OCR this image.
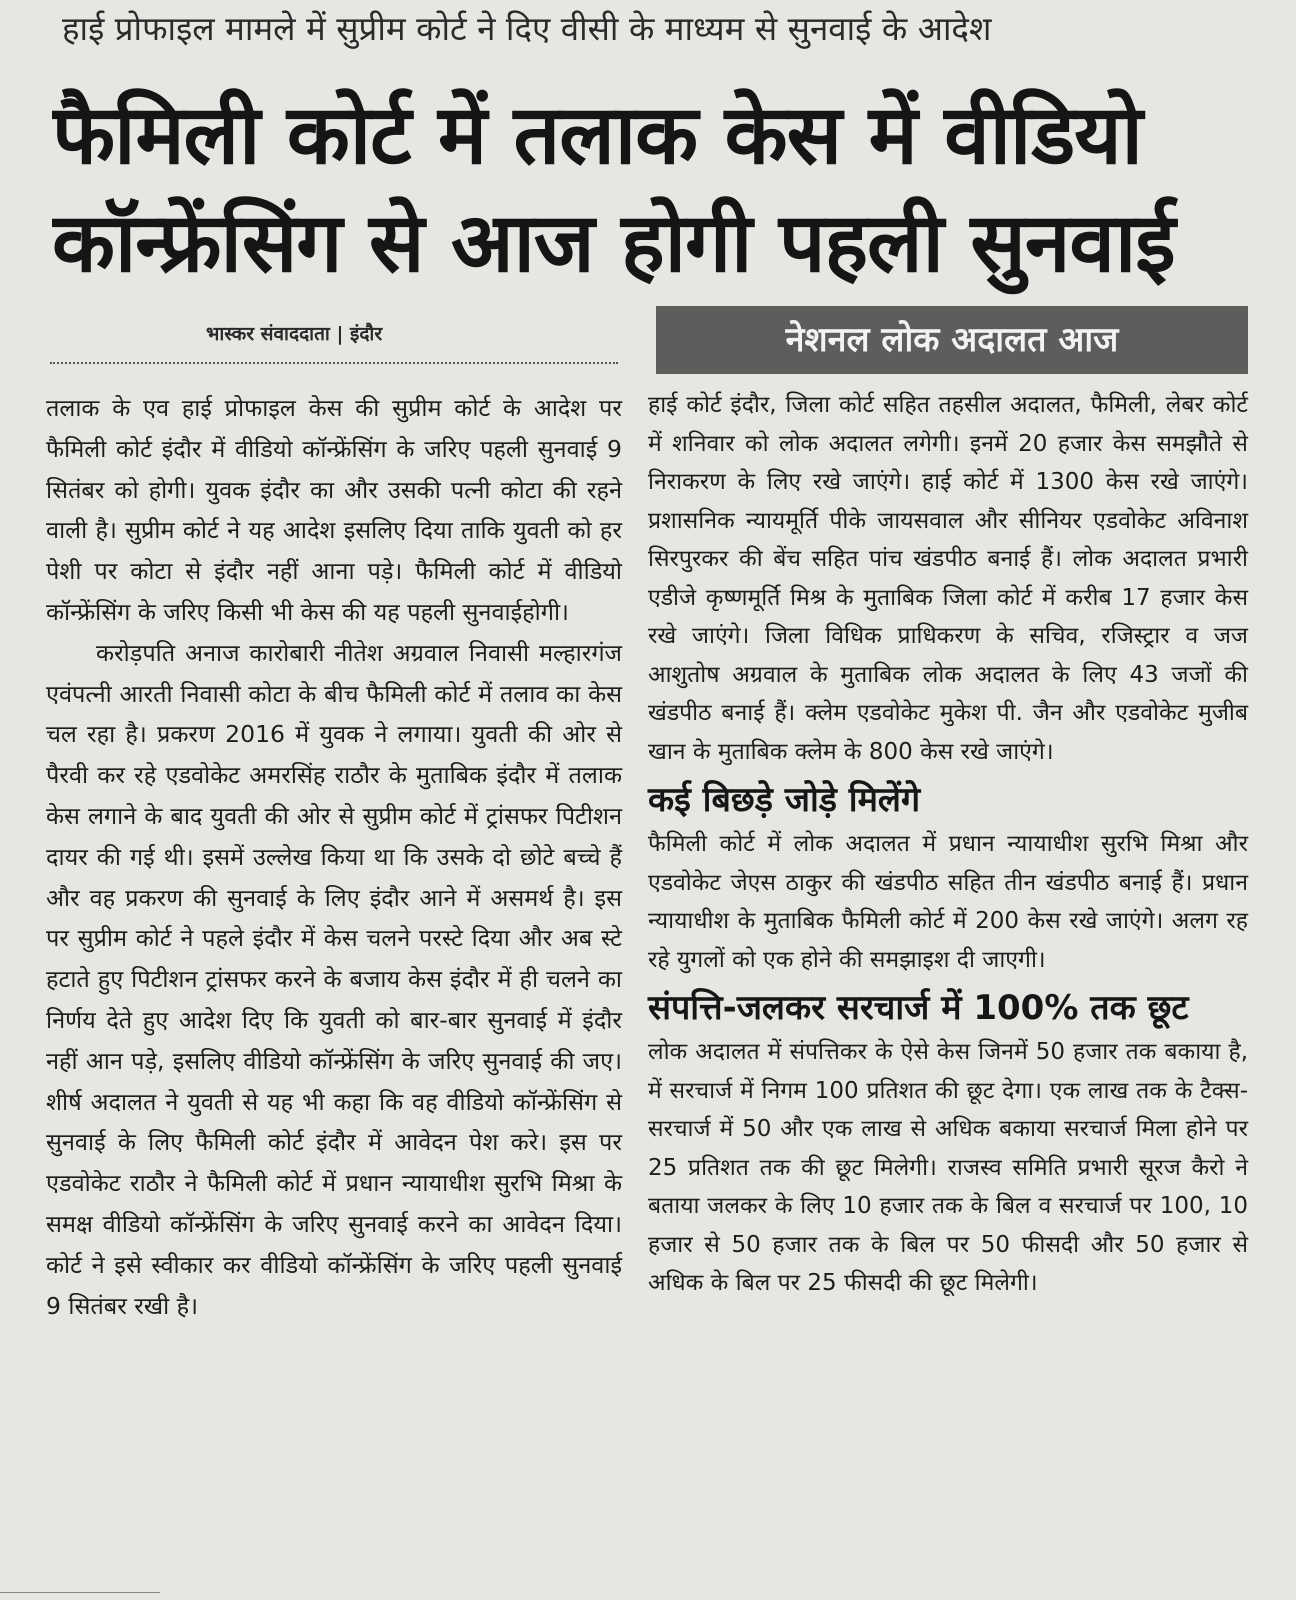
हाई प्रोफाइल मामले में सुप्रीम कोर्ट ने दिए वीसी के माध्यम से सुनवाई के आदेश
फैमिली कोर्ट में तलाक केस में वीडियो
कॉन्फ्रेंसिंग से आज होगी पहली सुनवाई
भास्कर संवाददाता | इंदौर

तलाक के एव हाई प्रोफाइल केस की सुप्रीम कोर्ट के आदेश पर फैमिली कोर्ट इंदौर में वीडियो कॉन्फ्रेंसिंग के जरिए पहली सुनवाई 9 सितंबर को होगी। युवक इंदौर का और उसकी पत्नी कोटा की रहने वाली है। सुप्रीम कोर्ट ने यह आदेश इसलिए दिया ताकि युवती को हर पेशी पर कोटा से इंदौर नहीं आना पड़े। फैमिली कोर्ट में वीडियो कॉन्फ्रेंसिंग के जरिए किसी भी केस की यह पहली सुनवाईहोगी।

करोड़पति अनाज कारोबारी नीतेश अग्रवाल निवासी मल्हारगंज एवंपत्नी आरती निवासी कोटा के बीच फैमिली कोर्ट में तलाव का केस चल रहा है। प्रकरण 2016 में युवक ने लगाया। युवती की ओर से पैरवी कर रहे एडवोकेट अमरसिंह राठौर के मुताबिक इंदौर में तलाक केस लगाने के बाद युवती की ओर से सुप्रीम कोर्ट में ट्रांसफर पिटीशन दायर की गई थी। इसमें उल्लेख किया था कि उसके दो छोटे बच्चे हैं और वह प्रकरण की सुनवाई के लिए इंदौर आने में असमर्थ है। इस पर सुप्रीम कोर्ट ने पहले इंदौर में केस चलने परस्टे दिया और अब स्टे हटाते हुए पिटीशन ट्रांसफर करने के बजाय केस इंदौर में ही चलने का निर्णय देते हुए आदेश दिए कि युवती को बार-बार सुनवाई में इंदौर नहीं आन पड़े, इसलिए वीडियो कॉन्फ्रेंसिंग के जरिए सुनवाई की जए। शीर्ष अदालत ने युवती से यह भी कहा कि वह वीडियो कॉन्फ्रेंसिंग से सुनवाई के लिए फैमिली कोर्ट इंदौर में आवेदन पेश करे। इस पर एडवोकेट राठौर ने फैमिली कोर्ट में प्रधान न्यायाधीश सुरभि मिश्रा के समक्ष वीडियो कॉन्फ्रेंसिंग के जरिए सुनवाई करने का आवेदन दिया। कोर्ट ने इसे स्वीकार कर वीडियो कॉन्फ्रेंसिंग के जरिए पहली सुनवाई 9 सितंबर रखी है।

नेशनल लोक अदालत आज

हाई कोर्ट इंदौर, जिला कोर्ट सहित तहसील अदालत, फैमिली, लेबर कोर्ट में शनिवार को लोक अदालत लगेगी। इनमें 20 हजार केस समझौते से निराकरण के लिए रखे जाएंगे। हाई कोर्ट में 1300 केस रखे जाएंगे। प्रशासनिक न्यायमूर्ति पीके जायसवाल और सीनियर एडवोकेट अविनाश सिरपुरकर की बेंच सहित पांच खंडपीठ बनाई हैं। लोक अदालत प्रभारी एडीजे कृष्णमूर्ति मिश्र के मुताबिक जिला कोर्ट में करीब 17 हजार केस रखे जाएंगे। जिला विधिक प्राधिकरण के सचिव, रजिस्ट्रार व जज आशुतोष अग्रवाल के मुताबिक लोक अदालत के लिए 43 जजों की खंडपीठ बनाई हैं। क्लेम एडवोकेट मुकेश पी. जैन और एडवोकेट मुजीब खान के मुताबिक क्लेम के 800 केस रखे जाएंगे।

कई बिछड़े जोड़े मिलेंगे

फैमिली कोर्ट में लोक अदालत में प्रधान न्यायाधीश सुरभि मिश्रा और एडवोकेट जेएस ठाकुर की खंडपीठ सहित तीन खंडपीठ बनाई हैं। प्रधान न्यायाधीश के मुताबिक फैमिली कोर्ट में 200 केस रखे जाएंगे। अलग रह रहे युगलों को एक होने की समझाइश दी जाएगी।

संपत्ति-जलकर सरचार्ज में 100% तक छूट

लोक अदालत में संपत्तिकर के ऐसे केस जिनमें 50 हजार तक बकाया है, में सरचार्ज में निगम 100 प्रतिशत की छूट देगा। एक लाख तक के टैक्स-सरचार्ज में 50 और एक लाख से अधिक बकाया सरचार्ज मिला होने पर 25 प्रतिशत तक की छूट मिलेगी। राजस्व समिति प्रभारी सूरज कैरो ने बताया जलकर के लिए 10 हजार तक के बिल व सरचार्ज पर 100, 10 हजार से 50 हजार तक के बिल पर 50 फीसदी और 50 हजार से अधिक के बिल पर 25 फीसदी की छूट मिलेगी।
